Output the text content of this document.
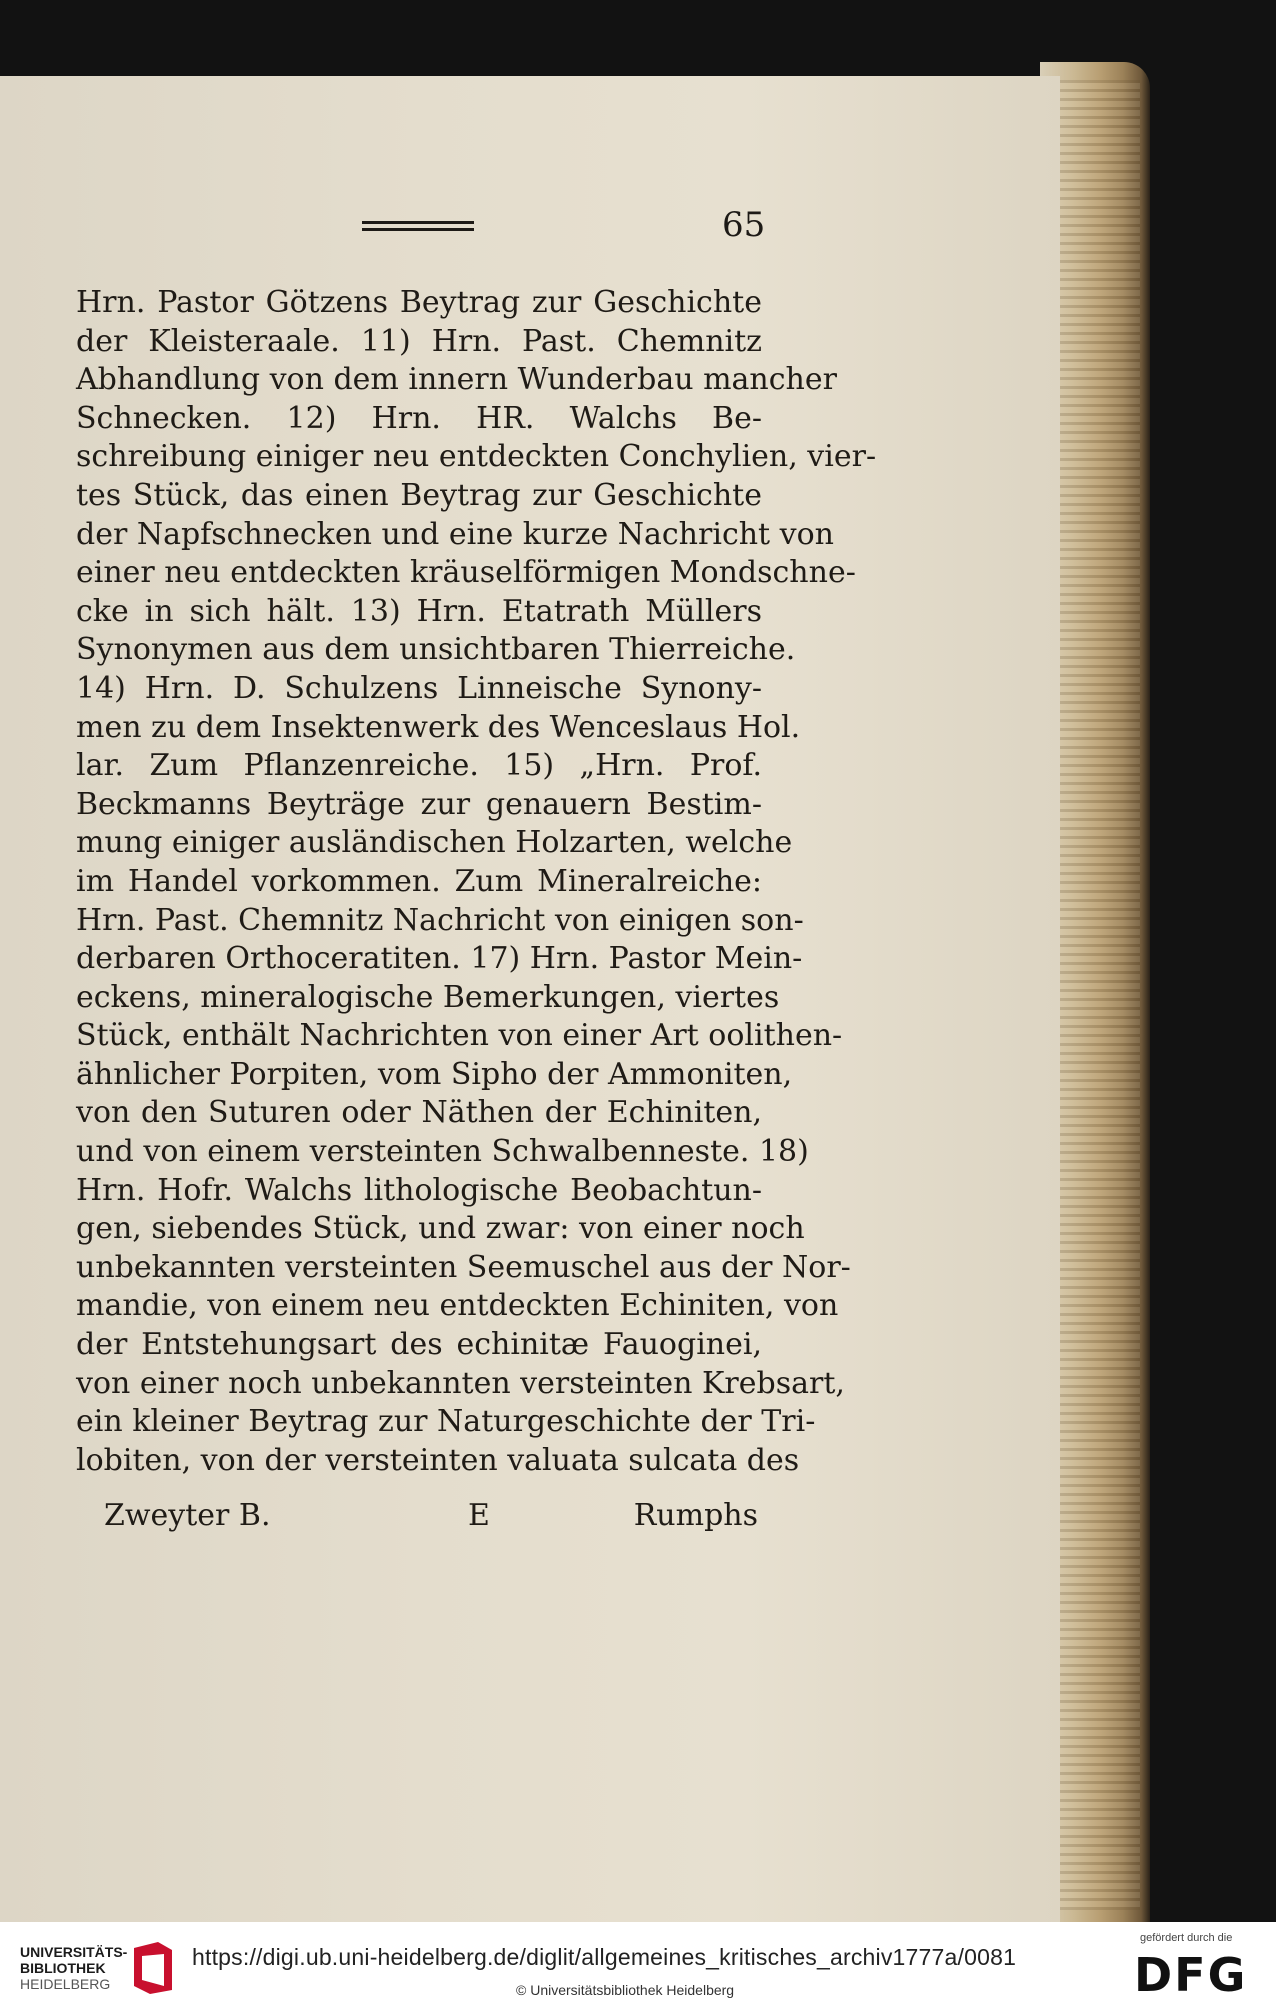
65
Hrn. Pastor Götzens Beytrag zur Geschichte
der Kleisteraale. 11) Hrn. Past. Chemnitz
Abhandlung von dem innern Wunderbau mancher
Schnecken. 12) Hrn. HR. Walchs Be-
schreibung einiger neu entdeckten Conchylien, vier-
tes Stück, das einen Beytrag zur Geschichte
der Napfschnecken und eine kurze Nachricht von
einer neu entdeckten kräuselförmigen Mondschne-
cke in sich hält. 13) Hrn. Etatrath Müllers
Synonymen aus dem unsichtbaren Thierreiche.
14) Hrn. D. Schulzens Linneische Synony-
men zu dem Insektenwerk des Wenceslaus Hol.
lar. Zum Pflanzenreiche. 15) „Hrn. Prof.
Beckmanns Beyträge zur genauern Bestim-
mung einiger ausländischen Holzarten, welche
im Handel vorkommen. Zum Mineralreiche:
Hrn. Past. Chemnitz Nachricht von einigen son-
derbaren Orthoceratiten. 17) Hrn. Pastor Mein-
eckens, mineralogische Bemerkungen, viertes
Stück, enthält Nachrichten von einer Art oolithen-
ähnlicher Porpiten, vom Sipho der Ammoniten,
von den Suturen oder Näthen der Echiniten,
und von einem versteinten Schwalbenneste. 18)
Hrn. Hofr. Walchs lithologische Beobachtun-
gen, siebendes Stück, und zwar: von einer noch
unbekannten versteinten Seemuschel aus der Nor-
mandie, von einem neu entdeckten Echiniten, von
der Entstehungsart des echinitæ Fauoginei,
von einer noch unbekannten versteinten Krebsart,
ein kleiner Beytrag zur Naturgeschichte der Tri-
lobiten, von der versteinten valuata sulcata des
Zweyter B.	E	Rumphs
UNIVERSITÄTS-
BIBLIOTHEK
HEIDELBERG
https://digi.ub.uni-heidelberg.de/diglit/allgemeines_kritisches_archiv1777a/0081
© Universitätsbibliothek Heidelberg
gefördert durch die
DFG
